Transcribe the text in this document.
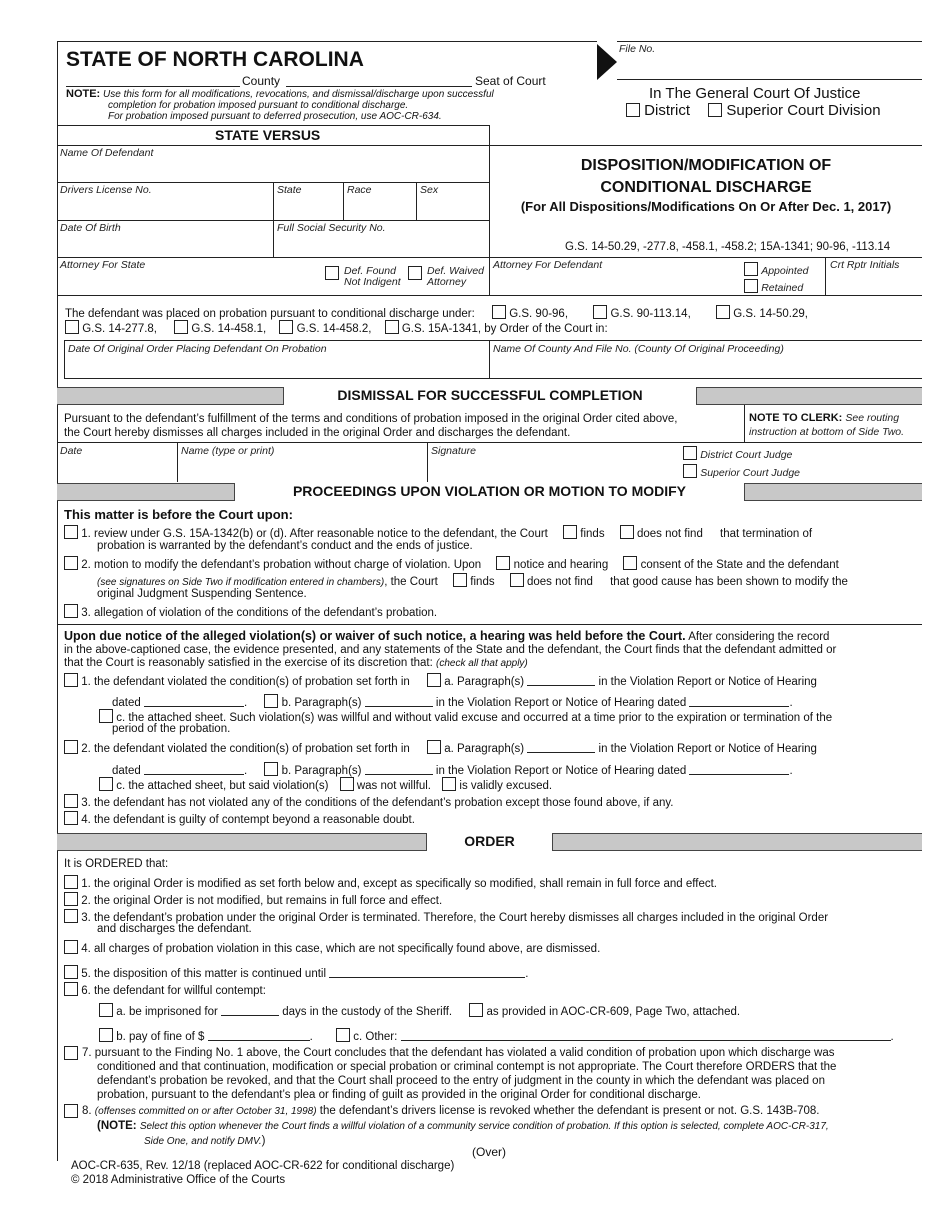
STATE OF NORTH CAROLINA
County	Seat of Court
NOTE: Use this form for all modifications, revocations, and dismissal/discharge upon successful
completion for probation imposed pursuant to conditional discharge.
For probation imposed pursuant to deferred prosecution, use AOC-CR-634.
File No.
In The General Court Of Justice
District Superior Court Division
STATE VERSUS
Name Of Defendant
Drivers License No.	State	Race	Sex
Date Of Birth	Full Social Security No.
Attorney For State	Def. Found
Not Indigent
Def. Waived
Attorney
DISPOSITION/MODIFICATION OF
CONDITIONAL DISCHARGE
(For All Dispositions/Modifications On Or After Dec. 1, 2017)
G.S. 14-50.29, -277.8, -458.1, -458.2; 15A-1341; 90-96, -113.14
Attorney For Defendant	Appointed
Retained
Crt Rptr Initials
The defendant was placed on probation pursuant to conditional discharge under:	G.S. 90-96,	G.S. 90-113.14,	G.S. 14-50.29,
G.S. 14-277.8,	G.S. 14-458.1,	G.S. 14-458.2,	G.S. 15A-1341, by Order of the Court in:
Date Of Original Order Placing Defendant On Probation	Name Of County And File No. (County Of Original Proceeding)
DISMISSAL FOR SUCCESSFUL COMPLETION
Pursuant to the defendant’s fulfillment of the terms and conditions of probation imposed in the original Order cited above,
the Court hereby dismisses all charges included in the original Order and discharges the defendant.
NOTE TO CLERK: See routing
instruction at bottom of Side Two.
Date	Name (type or print)	Signature	District Court Judge
Superior Court Judge
PROCEEDINGS UPON VIOLATION OR MOTION TO MODIFY
This matter is before the Court upon:
1. review under G.S. 15A-1342(b) or (d). After reasonable notice to the defendant, the Court	finds	does not find that termination of
probation is warranted by the defendant’s conduct and the ends of justice.
2. motion to modify the defendant’s probation without charge of violation. Upon	notice and hearing	consent of the State and the defendant
(see signatures on Side Two if modification entered in chambers), the Court	finds	does not find that good cause has been shown to modify the
original Judgment Suspending Sentence.
3. allegation of violation of the conditions of the defendant’s probation.
Upon due notice of the alleged violation(s) or waiver of such notice, a hearing was held before the Court. After considering the record
in the above-captioned case, the evidence presented, and any statements of the State and the defendant, the Court finds that the defendant admitted or
that the Court is reasonably satisfied in the exercise of its discretion that: (check all that apply)
1. the defendant violated the condition(s) of probation set forth in	a. Paragraph(s)	in the Violation Report or Notice of Hearing
dated	.	b. Paragraph(s)	in the Violation Report or Notice of Hearing dated	.
c. the attached sheet. Such violation(s) was willful and without valid excuse and occurred at a time prior to the expiration or termination of the
period of the probation.
2. the defendant violated the condition(s) of probation set forth in	a. Paragraph(s)	in the Violation Report or Notice of Hearing
dated	.	b. Paragraph(s)	in the Violation Report or Notice of Hearing dated	.
c. the attached sheet, but said violation(s) was not willful. is validly excused.
3. the defendant has not violated any of the conditions of the defendant’s probation except those found above, if any.
4. the defendant is guilty of contempt beyond a reasonable doubt.
ORDER
It is ORDERED that:
1. the original Order is modified as set forth below and, except as specifically so modified, shall remain in full force and effect.
2. the original Order is not modified, but remains in full force and effect.
3. the defendant’s probation under the original Order is terminated. Therefore, the Court hereby dismisses all charges included in the original Order
and discharges the defendant.
4. all charges of probation violation in this case, which are not specifically found above, are dismissed.
5. the disposition of this matter is continued until	.
6. the defendant for willful contempt:
a. be imprisoned for	days in the custody of the Sheriff.	as provided in AOC-CR-609, Page Two, attached.
b. pay of fine of $	.	c. Other:	.
7. pursuant to the Finding No. 1 above, the Court concludes that the defendant has violated a valid condition of probation upon which discharge was
conditioned and that continuation, modification or special probation or criminal contempt is not appropriate. The Court therefore ORDERS that the
defendant’s probation be revoked, and that the Court shall proceed to the entry of judgment in the county in which the defendant was placed on
probation, pursuant to the defendant’s plea or finding of guilt as provided in the original Order for conditional discharge.
8. (offenses committed on or after October 31, 1998) the defendant’s drivers license is revoked whether the defendant is present or not. G.S. 143B-708.
(NOTE: Select this option whenever the Court finds a willful violation of a community service condition of probation. If this option is selected, complete AOC-CR-317,
Side One, and notify DMV.)
(Over)
AOC-CR-635, Rev. 12/18 (replaced AOC-CR-622 for conditional discharge)
© 2018 Administrative Office of the Courts
